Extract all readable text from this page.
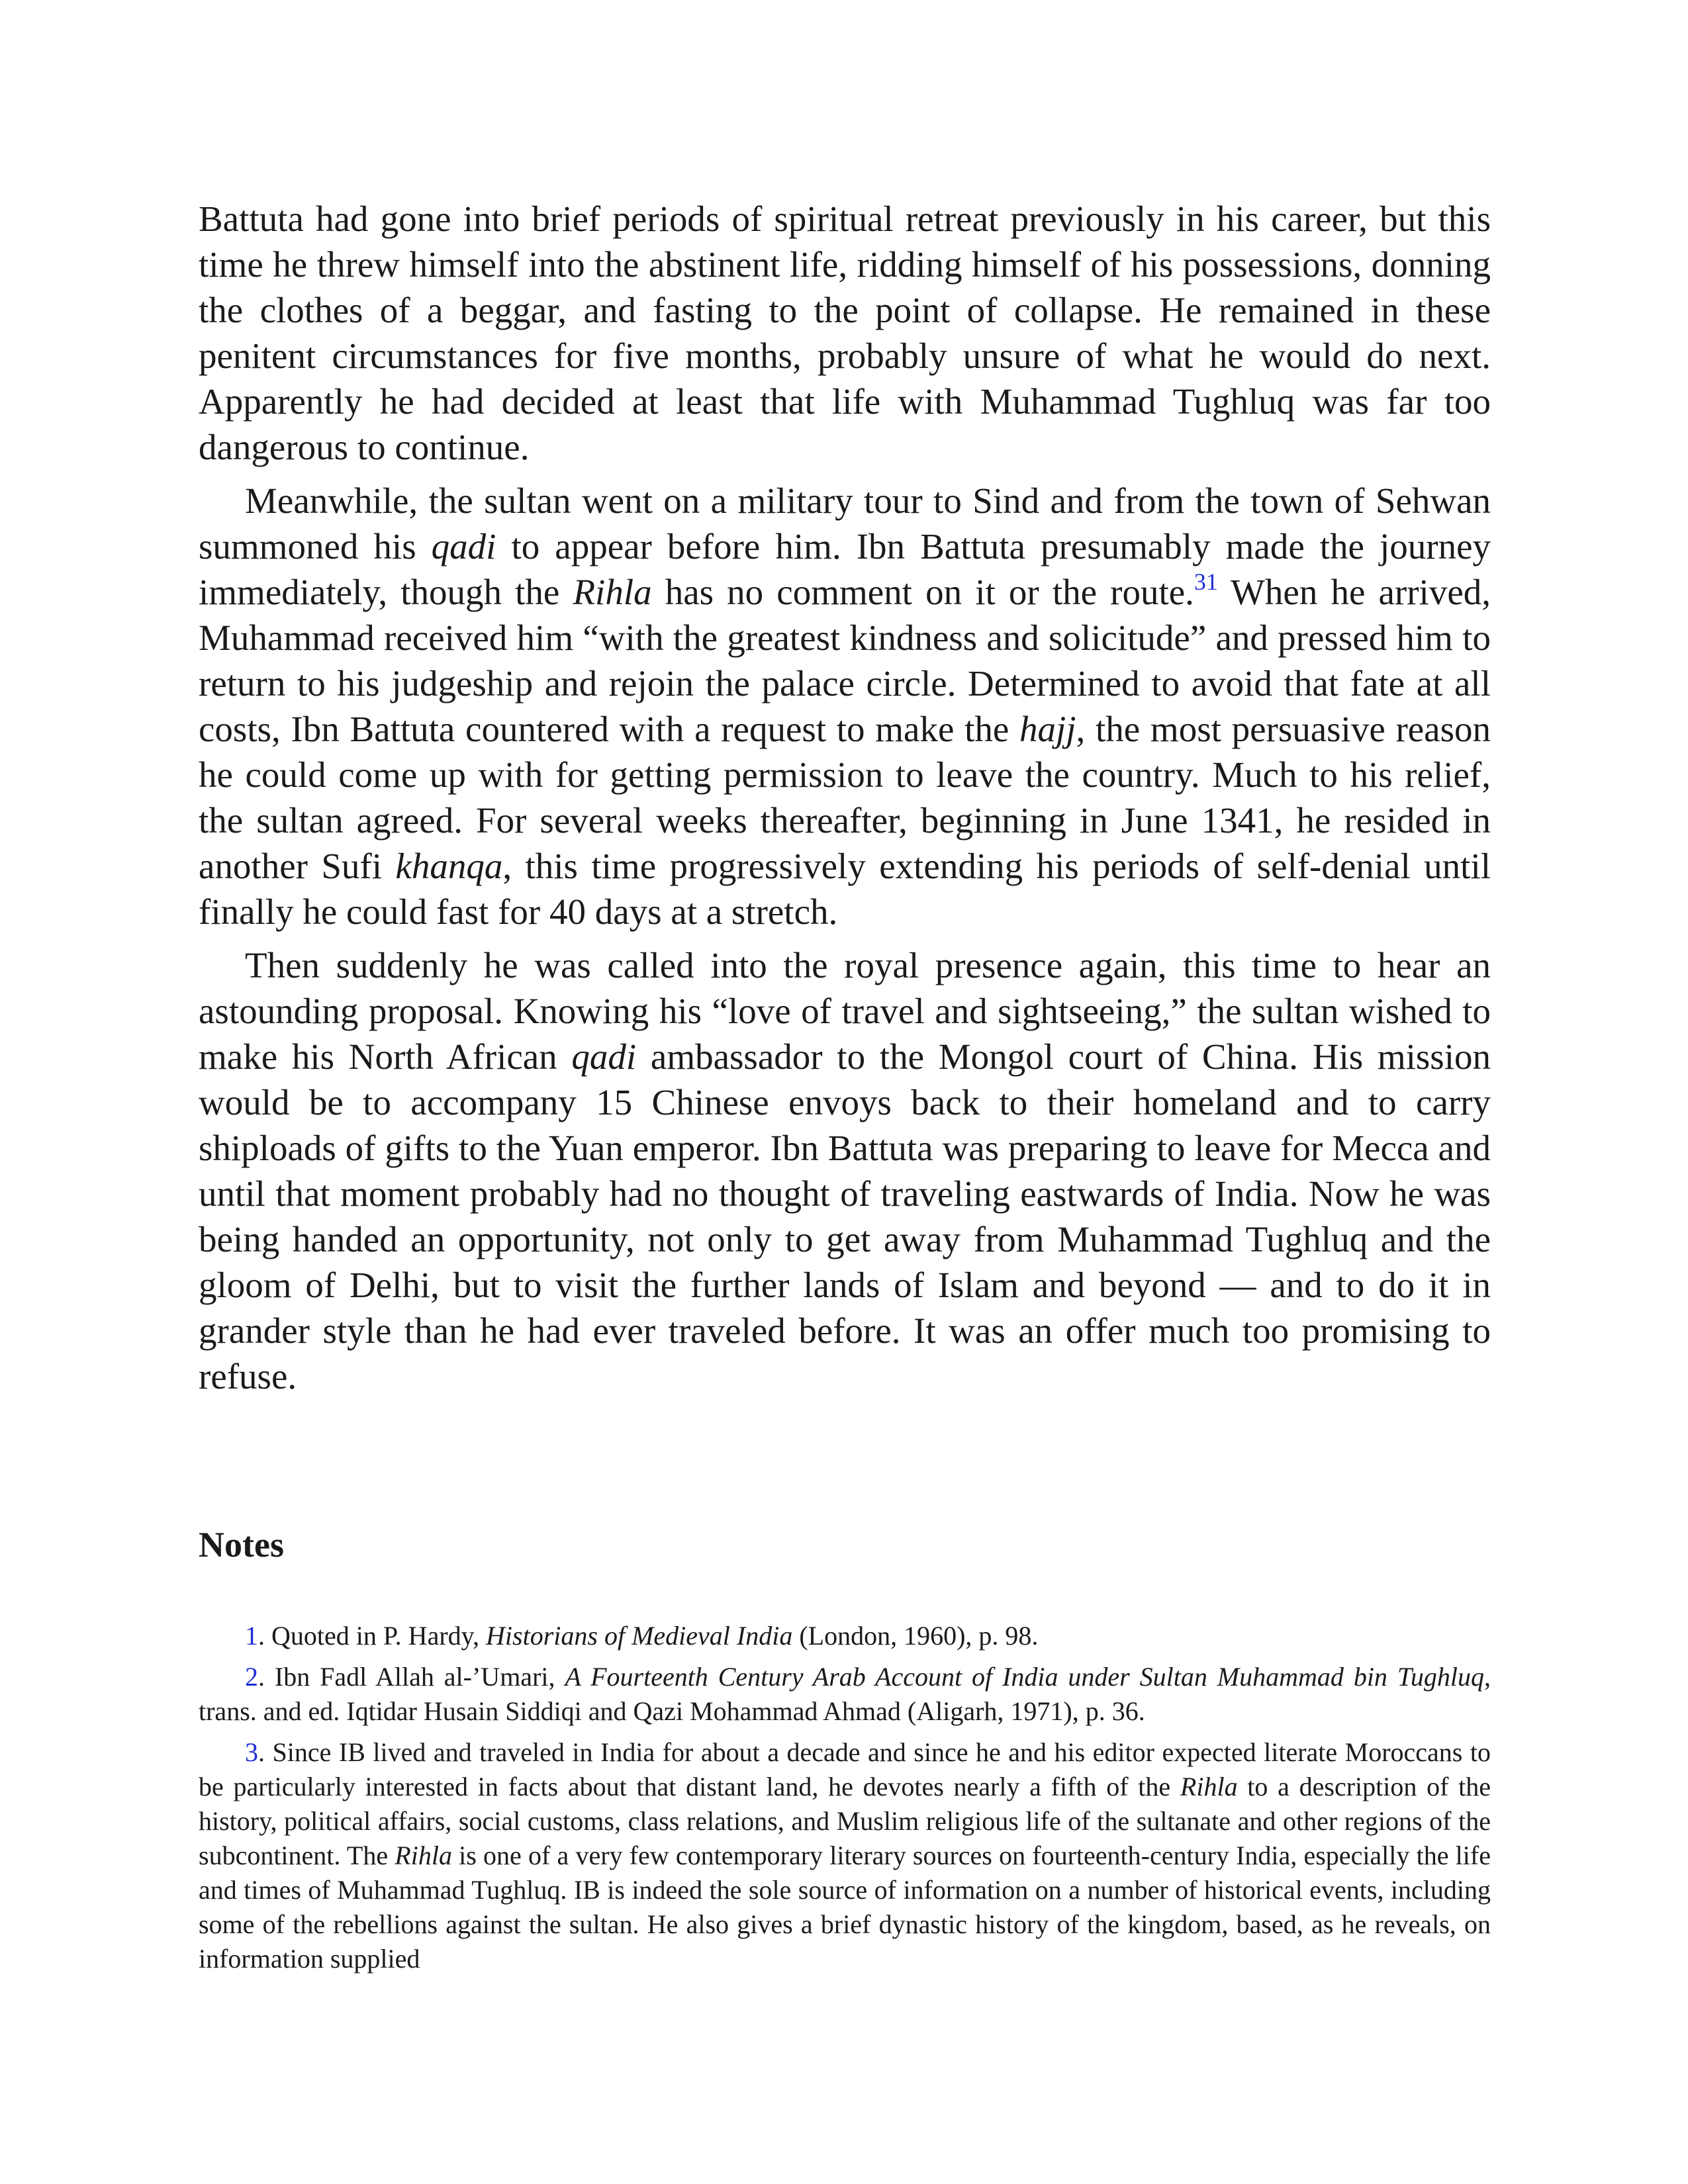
Battuta had gone into brief periods of spiritual retreat previously in his career, but this time he threw himself into the abstinent life, ridding himself of his possessions, donning the clothes of a beggar, and fasting to the point of collapse. He remained in these penitent circumstances for five months, probably unsure of what he would do next. Apparently he had decided at least that life with Muhammad Tughluq was far too dangerous to continue.

Meanwhile, the sultan went on a military tour to Sind and from the town of Sehwan summoned his qadi to appear before him. Ibn Battuta presumably made the journey immediately, though the Rihla has no comment on it or the route.$^{31}$ When he arrived, Muhammad received him “with the greatest kindness and solicitude” and pressed him to return to his judgeship and rejoin the palace circle. Determined to avoid that fate at all costs, Ibn Battuta countered with a request to make the hajj, the most persuasive reason he could come up with for getting permission to leave the country. Much to his relief, the sultan agreed. For several weeks thereafter, beginning in June 1341, he resided in another Sufi khanqa, this time progressively extending his periods of self-denial until finally he could fast for 40 days at a stretch.

Then suddenly he was called into the royal presence again, this time to hear an astounding proposal. Knowing his “love of travel and sightseeing,” the sultan wished to make his North African qadi ambassador to the Mongol court of China. His mission would be to accompany 15 Chinese envoys back to their homeland and to carry shiploads of gifts to the Yuan emperor. Ibn Battuta was preparing to leave for Mecca and until that moment probably had no thought of traveling eastwards of India. Now he was being handed an opportunity, not only to get away from Muhammad Tughluq and the gloom of Delhi, but to visit the further lands of Islam and beyond — and to do it in grander style than he had ever traveled before. It was an offer much too promising to refuse.

Notes

1. Quoted in P. Hardy, Historians of Medieval India (London, 1960), p. 98.

2. Ibn Fadl Allah al-’Umari, A Fourteenth Century Arab Account of India under Sultan Muhammad bin Tughluq, trans. and ed. Iqtidar Husain Siddiqi and Qazi Mohammad Ahmad (Aligarh, 1971), p. 36.

3. Since IB lived and traveled in India for about a decade and since he and his editor expected literate Moroccans to be particularly interested in facts about that distant land, he devotes nearly a fifth of the Rihla to a description of the history, political affairs, social customs, class relations, and Muslim religious life of the sultanate and other regions of the subcontinent. The Rihla is one of a very few contemporary literary sources on fourteenth-century India, especially the life and times of Muhammad Tughluq. IB is indeed the sole source of information on a number of historical events, including some of the rebellions against the sultan. He also gives a brief dynastic history of the kingdom, based, as he reveals, on information supplied
